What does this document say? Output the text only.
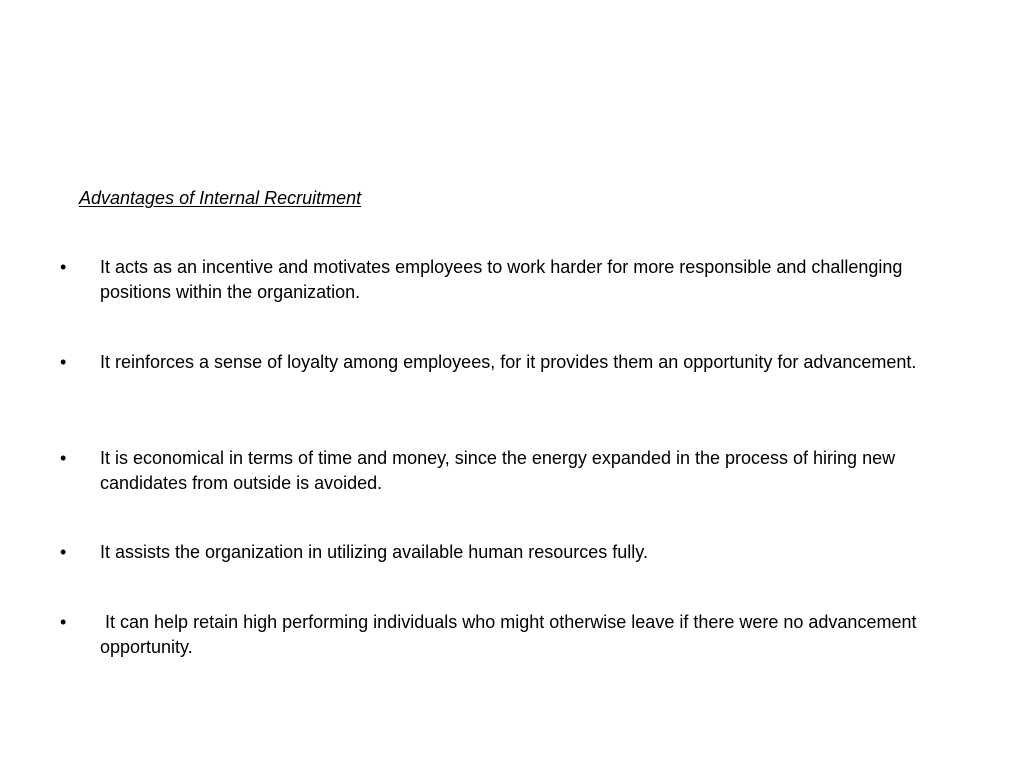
Advantages of Internal Recruitment
• It acts as an incentive and motivates employees to work harder for more responsible and challenging positions within the organization.
• It reinforces a sense of loyalty among employees, for it provides them an opportunity for advancement.
• It is economical in terms of time and money, since the energy expanded in the process of hiring new candidates from outside is avoided.
• It assists the organization in utilizing available human resources fully.
• It can help retain high performing individuals who might otherwise leave if there were no advancement opportunity.
